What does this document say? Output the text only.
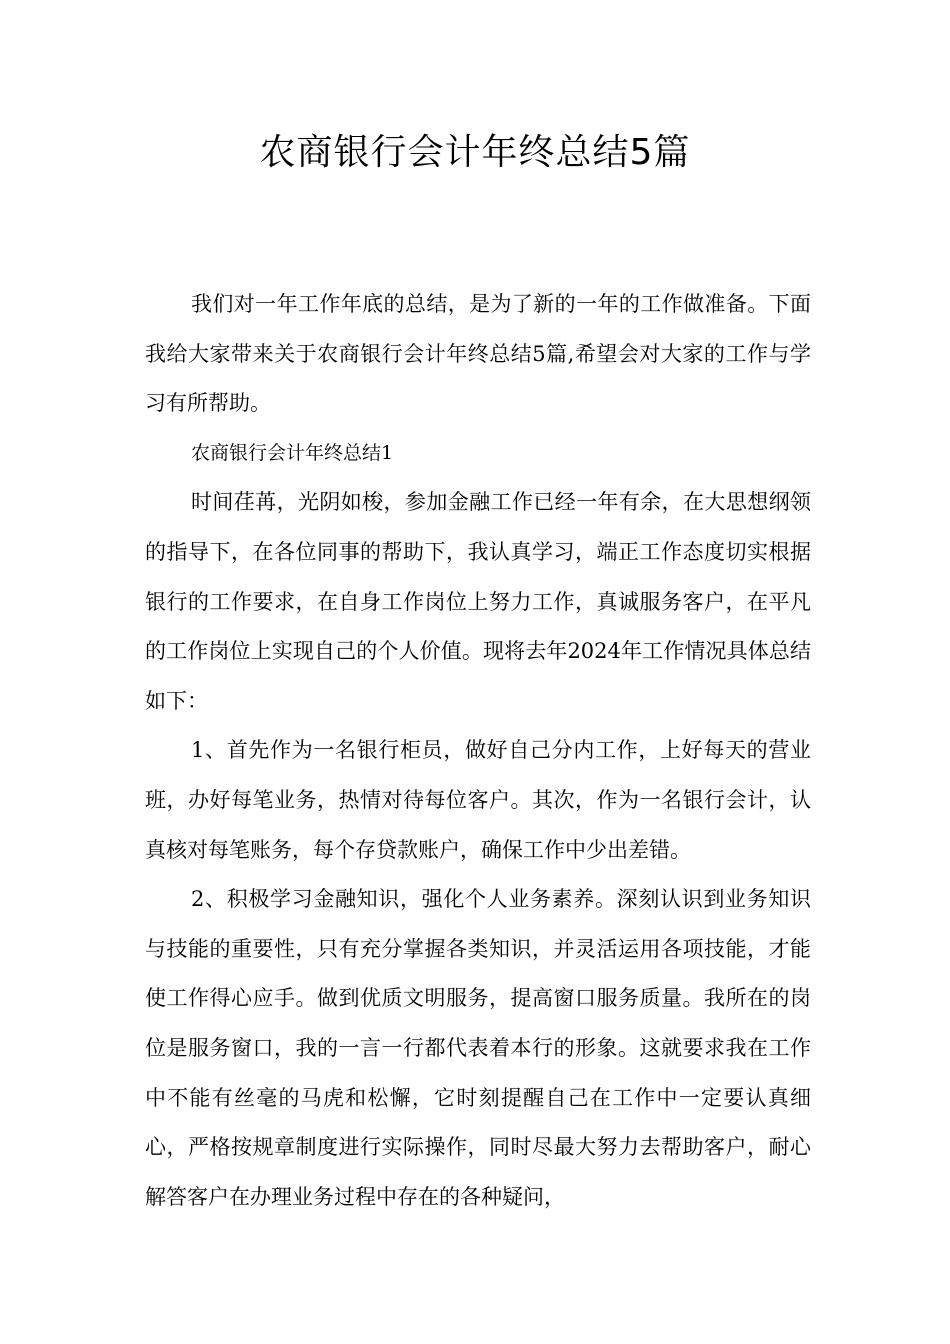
农商银行会计年终总结5篇

我们对一年工作年底的总结，是为了新的一年的工作做准备。下面我给大家带来关于农商银行会计年终总结5篇,希望会对大家的工作与学习有所帮助。

农商银行会计年终总结1

时间荏苒，光阴如梭，参加金融工作已经一年有余，在大思想纲领的指导下，在各位同事的帮助下，我认真学习，端正工作态度切实根据银行的工作要求，在自身工作岗位上努力工作，真诚服务客户，在平凡的工作岗位上实现自己的个人价值。现将去年2024年工作情况具体总结如下：

1、首先作为一名银行柜员，做好自己分内工作，上好每天的营业班，办好每笔业务，热情对待每位客户。其次，作为一名银行会计，认真核对每笔账务，每个存贷款账户，确保工作中少出差错。

2、积极学习金融知识，强化个人业务素养。深刻认识到业务知识与技能的重要性，只有充分掌握各类知识，并灵活运用各项技能，才能使工作得心应手。做到优质文明服务，提高窗口服务质量。我所在的岗位是服务窗口，我的一言一行都代表着本行的形象。这就要求我在工作中不能有丝毫的马虎和松懈，它时刻提醒自己在工作中一定要认真细心，严格按规章制度进行实际操作，同时尽最大努力去帮助客户，耐心解答客户在办理业务过程中存在的各种疑问，
